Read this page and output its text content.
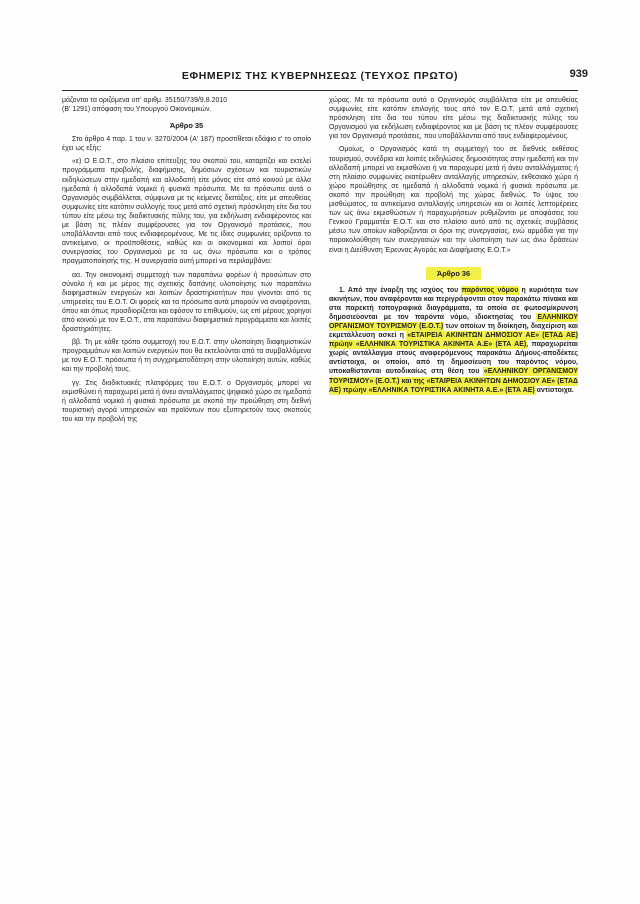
ΕΦΗΜΕΡΙΣ ΤΗΣ ΚΥΒΕΡΝΗΣΕΩΣ (ΤΕΥΧΟΣ ΠΡΩΤΟ)	939

μάζονται τα οριζόμενα υπ' αριθμ. 35150/739/9.8.2010

(Β' 1291) απόφαση του Υπουργού Οικονομικών.

Άρθρο 35

Στο άρθρο 4 παρ. 1 του ν. 3270/2004 (Α' 187) προστίθεται εδάφιο ε' το οποίο έχει ως εξής:

«ε) Ο Ε.Ο.Τ., στο πλαίσιο επίτευξης του σκοπού του, καταρτίζει και εκτελεί προγράμματα προβολής, διαφήμισης, δημόσιων σχέσεων και τουριστικών εκδηλώσεων στην ημεδαπή και αλλοδαπή είτε μόνος είτε από κοινού με άλλα ημεδαπά ή αλλοδαπά νομικά ή φυσικά πρόσωπα. Με τα πρόσωπα αυτά ο Οργανισμός συμβάλλεται, σύμφωνα με τις κείμενες διατάξεις, είτε με απευθείας συμφωνίες είτε κατόπιν συλλογής τους μετά από σχετική πρόσκληση είτε δια του τύπου είτε μέσω της διαδικτυακής πύλης του, για εκδήλωση ενδιαφέροντος και με βάση τις πλέον συμφέρουσες για τον Οργανισμό προτάσεις, που υποβάλλονται από τους ενδιαφερομένους. Με τις ίδιες συμφωνίες ορίζονται το αντικείμενο, οι προϋποθέσεις, καθώς και οι οικονομικοί και λοιποί όροι συνεργασίας του Οργανισμού με τα ως άνω πρόσωπα και ο τρόπος πραγματοποίησής της. Η συνεργασία αυτή μπορεί να περιλαμβάνει:

αα. Την οικονομική συμμετοχή των παραπάνω φορέων ή προσώπων στο σύνολο ή και με μέρος της σχετικής δαπάνης υλοποίησης των παραπάνω διαφημιστικών ενεργειών και λοιπών δραστηριοτήτων που γίνονται από τις υπηρεσίες του Ε.Ο.Τ. Οι φορείς και τα πρόσωπα αυτά μπορούν να αναφέρονται, όπου και όπως προσδιορίζεται και εφόσον το επιθυμούν, ως επί μέρους χορηγοί από κοινού με τον Ε.Ο.Τ., στα παραπάνω διαφημιστικά προγράμματα και λοιπές δραστηριότητες.

ββ. Τη με κάθε τρόπο συμμετοχή του Ε.Ο.Τ. στην υλοποίηση διαφημιστικών προγραμμάτων και λοιπών ενεργειών που θα εκτελούνται από τα συμβαλλόμενα με τον Ε.Ο.Τ. πρόσωπα ή τη συγχρηματοδότηση στην υλοποίηση αυτών, καθώς και την προβολή τους.

γγ. Στις διαδικτυακές πλατφόρμες του Ε.Ο.Τ. ο Οργανισμός μπορεί να εκμισθώνει ή παραχωρεί μετά ή άνευ ανταλλάγματος ψηφιακό χώρο σε ημεδαπά ή αλλοδαπά νομικά ή φυσικά πρόσωπα με σκοπό την προώθηση στη διεθνή τουριστική αγορά υπηρεσιών και προϊόντων που εξυπηρετούν τους σκοπούς του και την προβολή της

χώρας. Με τα πρόσωπα αυτά ο Οργανισμός συμβάλλεται είτε με απευθείας συμφωνίες είτε κατόπιν επιλογής τους από τον Ε.Ο.Τ. μετά από σχετική πρόσκληση είτε δια του τύπου είτε μέσω της διαδικτυακής πύλης του Οργανισμού για εκδήλωση ενδιαφέροντος και με βάση τις πλέον συμφέρουσες για τον Οργανισμό προτάσεις, που υποβάλλονται από τους ενδιαφερομένους.

Ομοίως, ο Οργανισμός κατά τη συμμετοχή του σε διεθνείς εκθέσεις τουρισμού, συνέδρια και λοιπές εκδηλώσεις δημοσιότητας στην ημεδαπή και την αλλοδαπή μπορεί να εκμισθώνει ή να παραχωρεί μετά ή άνευ ανταλλάγματος ή στη πλαίσιο συμφωνίες εκατέρωθεν ανταλλαγής υπηρεσιών, εκθεσιακό χώρο ή χώρο προώθησης σε ημεδαπά ή αλλοδαπά νομικά ή φυσικά πρόσωπα με σκοπό την προώθηση και προβολή της χώρας διεθνώς. Το ύψος του μισθώματος, τα αντικείμενα ανταλλαγής υπηρεσιών και οι λοιπές λεπτομέρειες των ως άνω εκμισθώσεων ή παραχωρήσεων ρυθμίζονται με αποφάσεις του Γενικού Γραμματέα Ε.Ο.Τ. και στο πλαίσιο αυτό από τις σχετικές συμβάσεις μέσω των οποίων καθορίζονται οι όροι της συνεργασίας, ενώ αρμόδια για την παρακολούθηση των συνεργασιών και την υλοποίηση των ως άνω δράσεων είναι η Διεύθυνση Έρευνας Αγοράς και Διαφήμισης Ε.Ο.Τ.»

Άρθρο 36

1. Από την έναρξη της ισχύος του παρόντος νόμου η κυριότητα των ακινήτων, που αναφέρονται και περιγράφονται στον παρακάτω πίνακα και στα παρεκτή τοπογραφικά διαγράμματα, τα οποία σε φωτοσμίκρυνση δημοσιεύονται με τον παρόντα νόμο, ιδιοκτησίας του ΕΛΛΗΝΙΚΟΥ ΟΡΓΑΝΙΣΜΟΥ ΤΟΥΡΙΣΜΟΥ (Ε.Ο.Τ.) των οποίων τη διοίκηση, διαχείριση και εκμετάλλευση ασκεί η «ΕΤΑΙΡΕΙΑ ΑΚΙΝΗΤΩΝ ΔΗΜΟΣΙΟΥ ΑΕ» (ΕΤΑΔ ΑΕ) πρώην «ΕΛΛΗΝΙΚΑ ΤΟΥΡΙΣΤΙΚΑ ΑΚΙΝΗΤΑ Α.Ε» (ΕΤΑ ΑΕ), παραχωρείται χωρίς αντάλλαγμα στους αναφερόμενους παρακάτω Δήμους-αποδέκτες αντίστοιχα, οι οποίοι, από τη δημοσίευση του παρόντος νόμου, υποκαθίστανται αυτοδικαίως στη θέση του «ΕΛΛΗΝΙΚΟΥ ΟΡΓΑΝΙΣΜΟΥ ΤΟΥΡΙΣΜΟΥ» (Ε.Ο.Τ.) και της «ΕΤΑΙΡΕΙΑ ΑΚΙΝΗΤΩΝ ΔΗΜΟΣΙΟΥ ΑΕ» (ΕΤΑΔ ΑΕ) πρώην «ΕΛΛΗΝΙΚΑ ΤΟΥΡΙΣΤΙΚΑ ΑΚΙΝΗΤΑ Α.Ε.» (ΕΤΑ ΑΕ) αντίστοιχα.
